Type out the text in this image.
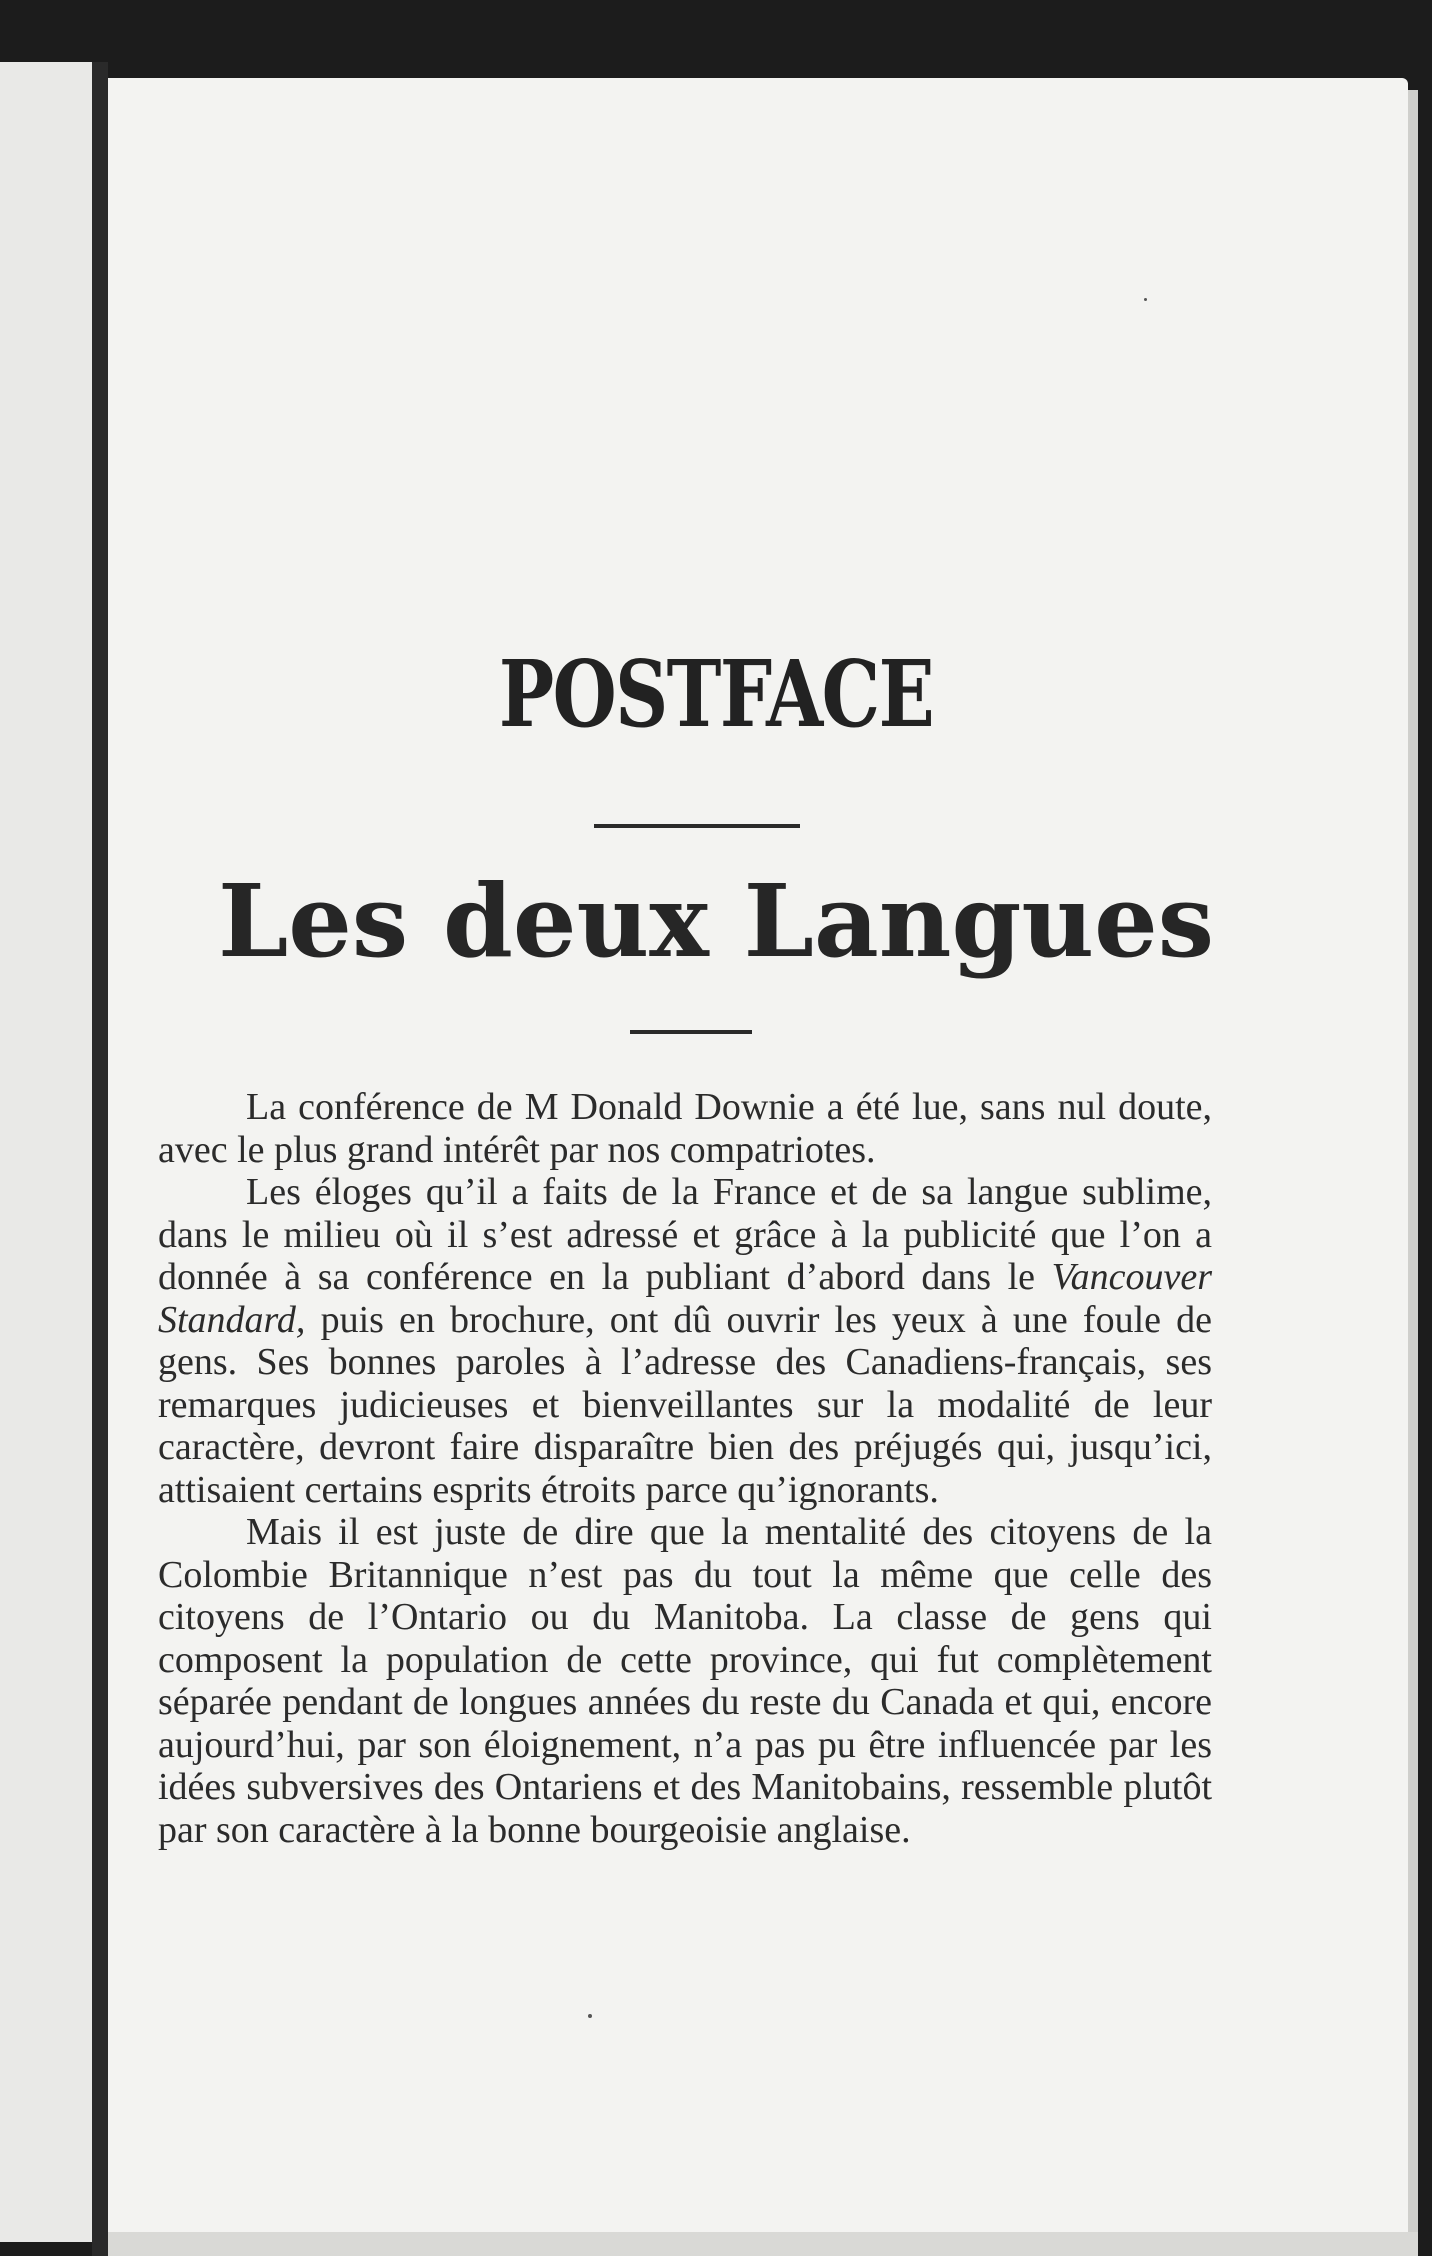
POSTFACE
Les deux Langues

La conférence de M Donald Downie a été lue, sans nul doute, avec le plus grand intérêt par nos compatriotes.

Les éloges qu’il a faits de la France et de sa langue sublime, dans le milieu où il s’est adressé et grâce à la publicité que l’on a donnée à sa conférence en la publiant d’abord dans le Vancouver Standard, puis en brochure, ont dû ouvrir les yeux à une foule de gens. Ses bonnes paroles à l’adresse des Canadiens-français, ses remarques judicieuses et bienveillantes sur la modalité de leur caractère, devront faire disparaître bien des préjugés qui, jusqu’ici, attisaient certains esprits étroits parce qu’ignorants.

Mais il est juste de dire que la mentalité des citoyens de la Colombie Britannique n’est pas du tout la même que celle des citoyens de l’Ontario ou du Manitoba. La classe de gens qui composent la population de cette province, qui fut complètement séparée pendant de longues années du reste du Canada et qui, encore aujourd’hui, par son éloignement, n’a pas pu être influencée par les idées subversives des Ontariens et des Manitobains, ressemble plutôt par son caractère à la bonne bourgeoisie anglaise.
